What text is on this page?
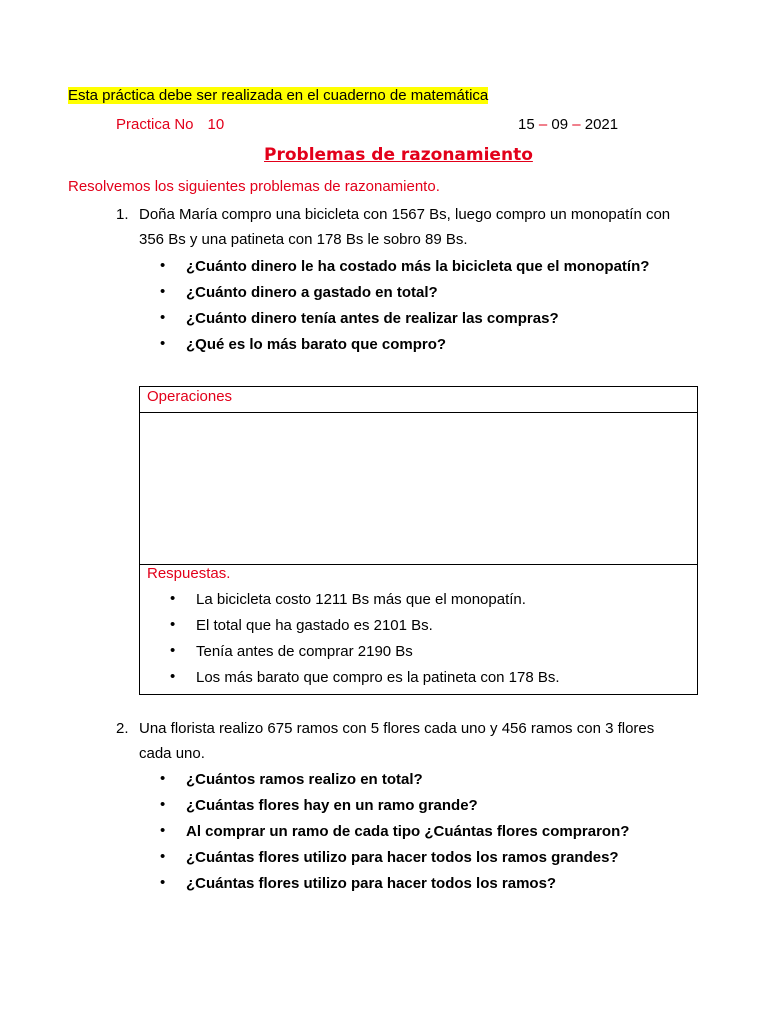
Esta práctica debe ser realizada en el cuaderno de matemática
Practica No 10	15 – 09 – 2021
Problemas de razonamiento
Resolvemos los siguientes problemas de razonamiento.
1. Doña María compro una bicicleta con 1567 Bs, luego compro un monopatín con
356 Bs y una patineta con 178 Bs le sobro 89 Bs.
• ¿Cuánto dinero le ha costado más la bicicleta que el monopatín?
• ¿Cuánto dinero a gastado en total?
• ¿Cuánto dinero tenía antes de realizar las compras?
• ¿Qué es lo más barato que compro?
Operaciones

Respuestas.
• La bicicleta costo 1211 Bs más que el monopatín.
• El total que ha gastado es 2101 Bs.
• Tenía antes de comprar 2190 Bs
• Los más barato que compro es la patineta con 178 Bs.
2. Una florista realizo 675 ramos con 5 flores cada uno y 456 ramos con 3 flores
cada uno.
• ¿Cuántos ramos realizo en total?
• ¿Cuántas flores hay en un ramo grande?
• Al comprar un ramo de cada tipo ¿Cuántas flores compraron?
• ¿Cuántas flores utilizo para hacer todos los ramos grandes?
• ¿Cuántas flores utilizo para hacer todos los ramos?
